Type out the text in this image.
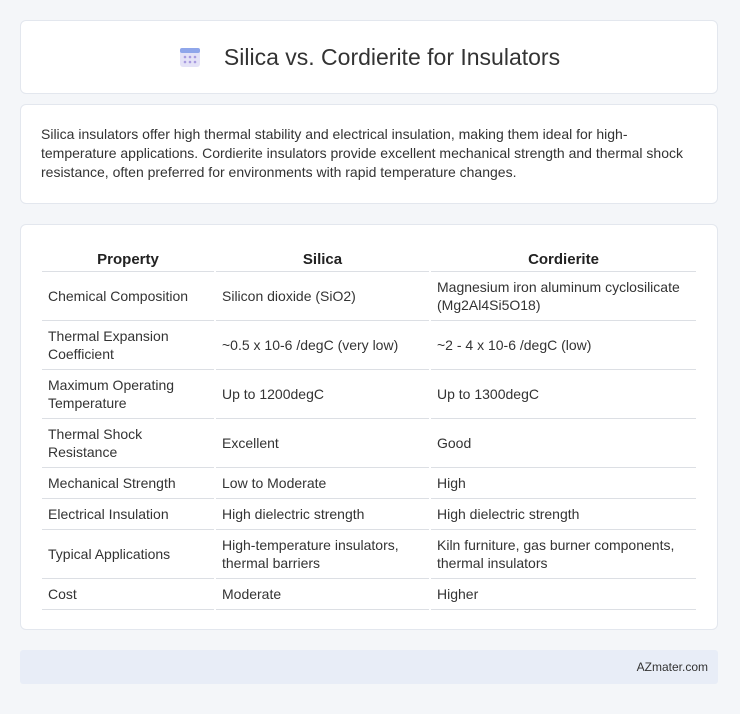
Silica vs. Cordierite for Insulators

Silica insulators offer high thermal stability and electrical insulation, making them ideal for high-temperature applications. Cordierite insulators provide excellent mechanical strength and thermal shock resistance, often preferred for environments with rapid temperature changes.

Property	Silica	Cordierite
Chemical Composition	Silicon dioxide (SiO2)	Magnesium iron aluminum cyclosilicate (Mg2Al4Si5O18)
Thermal Expansion Coefficient	~0.5 x 10-6 /degC (very low)	~2 - 4 x 10-6 /degC (low)
Maximum Operating Temperature	Up to 1200degC	Up to 1300degC
Thermal Shock Resistance	Excellent	Good
Mechanical Strength	Low to Moderate	High
Electrical Insulation	High dielectric strength	High dielectric strength
Typical Applications	High-temperature insulators, thermal barriers	Kiln furniture, gas burner components, thermal insulators
Cost	Moderate	Higher
AZmater.com
